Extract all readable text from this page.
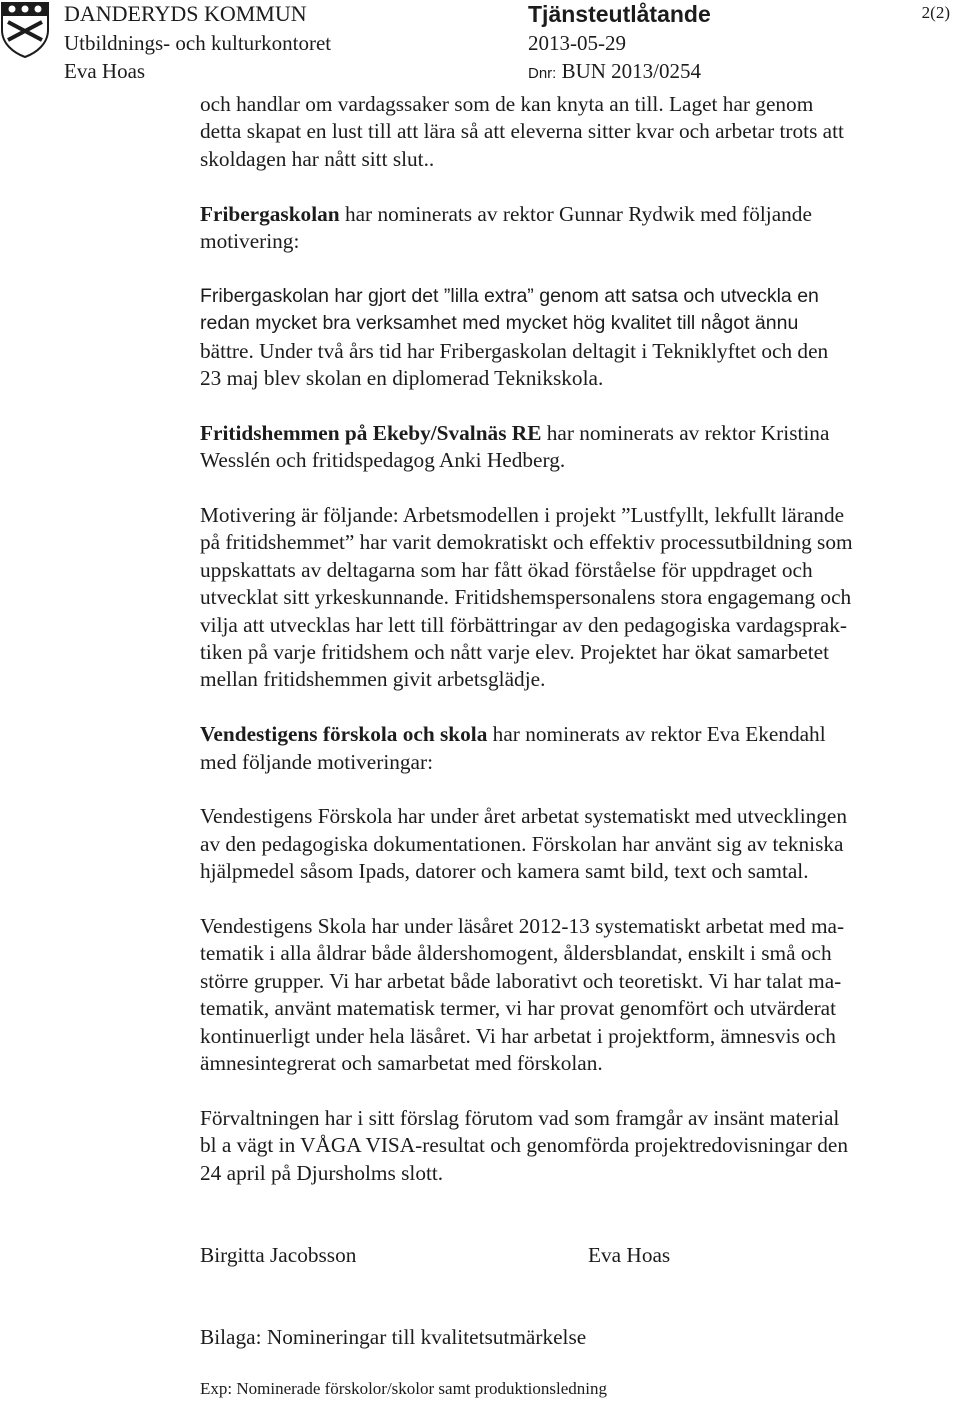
DANDERYDS KOMMUN
Utbildnings- och kulturkontoret
Eva Hoas
Tjänsteutlåtande
2013-05-29
Dnr: BUN 2013/0254
2(2)

och handlar om vardagssaker som de kan knyta an till. Laget har genom
detta skapat en lust till att lära så att eleverna sitter kvar och arbetar trots att
skoldagen har nått sitt slut..

Fribergaskolan har nominerats av rektor Gunnar Rydwik med följande
motivering:

Fribergaskolan har gjort det ”lilla extra” genom att satsa och utveckla en
redan mycket bra verksamhet med mycket hög kvalitet till något ännu

bättre. Under två års tid har Fribergaskolan deltagit i Tekniklyftet och den
23 maj blev skolan en diplomerad Teknikskola.

Fritidshemmen på Ekeby/Svalnäs RE har nominerats av rektor Kristina
Wesslén och fritidspedagog Anki Hedberg.

Motivering är följande: Arbetsmodellen i projekt ”Lustfyllt, lekfullt lärande
på fritidshemmet” har varit demokratiskt och effektiv processutbildning som
uppskattats av deltagarna som har fått ökad förståelse för uppdraget och
utvecklat sitt yrkeskunnande. Fritidshemspersonalens stora engagemang och
vilja att utvecklas har lett till förbättringar av den pedagogiska vardagsprak-
tiken på varje fritidshem och nått varje elev. Projektet har ökat samarbetet
mellan fritidshemmen givit arbetsglädje.

Vendestigens förskola och skola har nominerats av rektor Eva Ekendahl
med följande motiveringar:

Vendestigens Förskola har under året arbetat systematiskt med utvecklingen
av den pedagogiska dokumentationen. Förskolan har använt sig av tekniska
hjälpmedel såsom Ipads, datorer och kamera samt bild, text och samtal.

Vendestigens Skola har under läsåret 2012-13 systematiskt arbetat med ma-
tematik i alla åldrar både åldershomogent, åldersblandat, enskilt i små och
större grupper. Vi har arbetat både laborativt och teoretiskt. Vi har talat ma-
tematik, använt matematisk termer, vi har provat genomfört och utvärderat
kontinuerligt under hela läsåret. Vi har arbetat i projektform, ämnesvis och
ämnesintegrerat och samarbetat med förskolan.

Förvaltningen har i sitt förslag förutom vad som framgår av insänt material
bl a vägt in VÅGA VISA-resultat och genomförda projektredovisningar den
24 april på Djursholms slott.

Birgitta Jacobsson	Eva Hoas
Bilaga: Nomineringar till kvalitetsutmärkelse
Exp: Nominerade förskolor/skolor samt produktionsledning
